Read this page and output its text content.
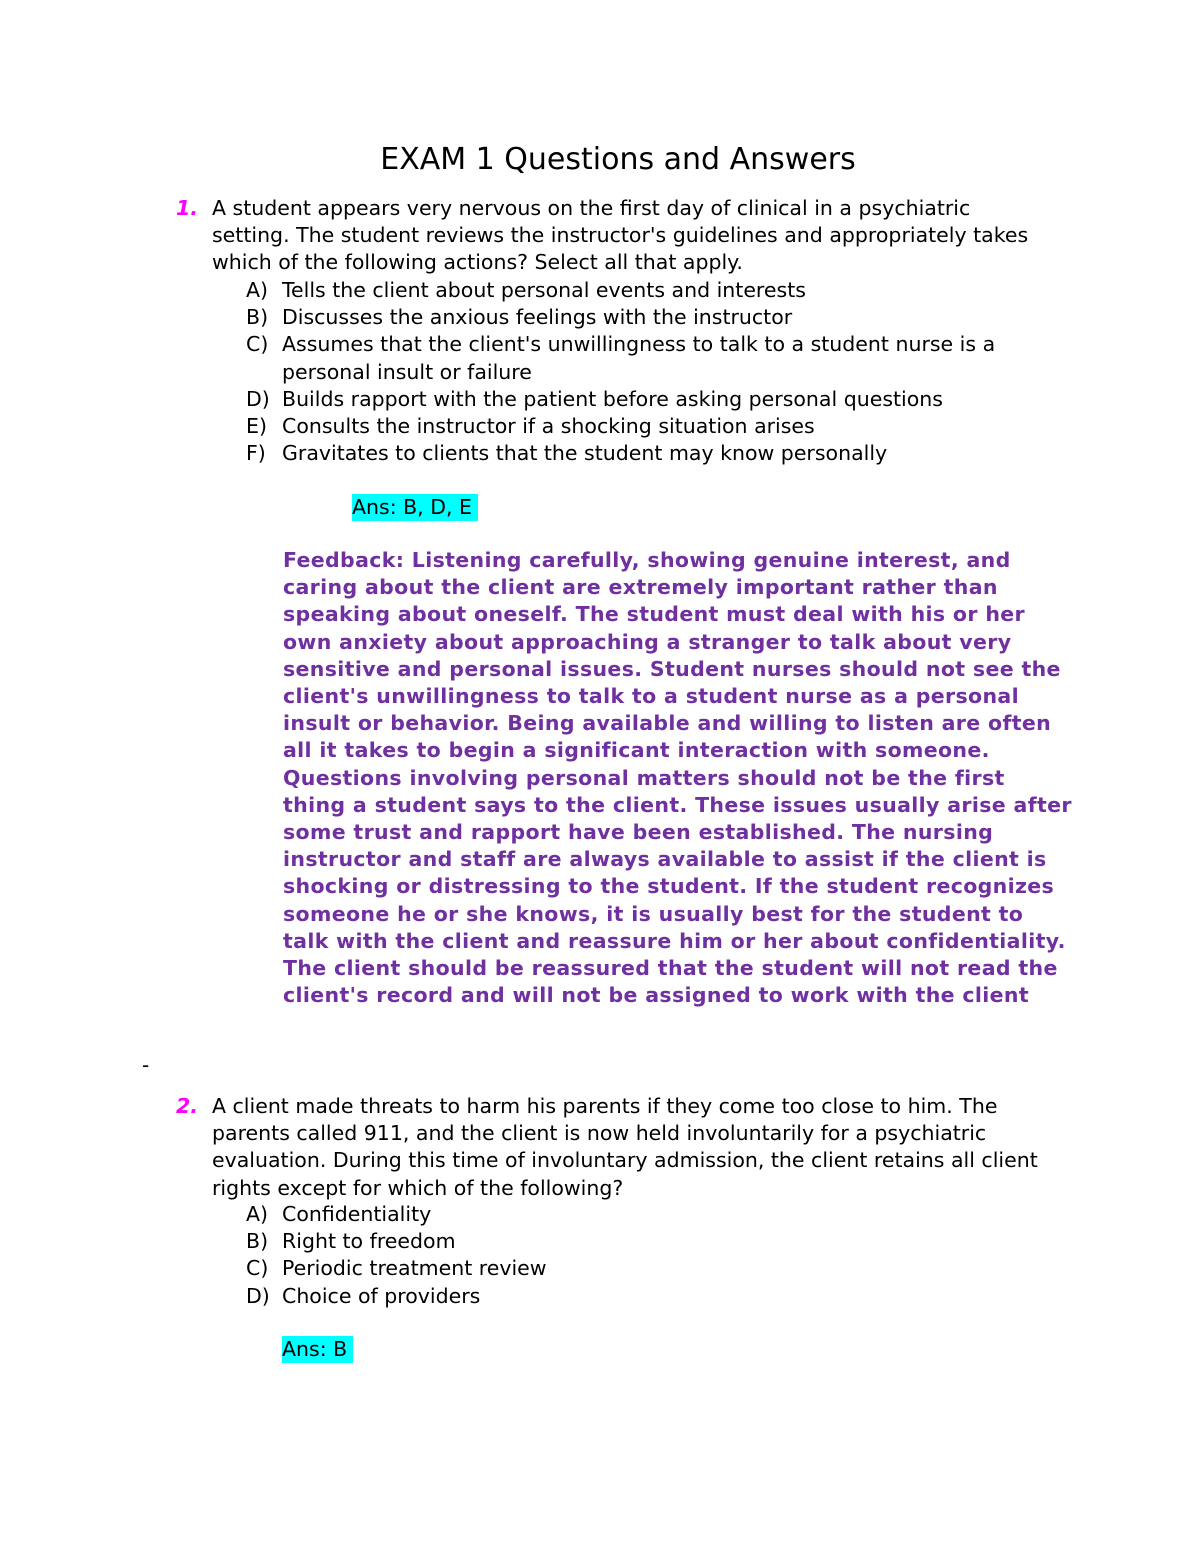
EXAM 1 Questions and Answers
1. A student appears very nervous on the first day of clinical in a psychiatric setting. The student reviews the instructor's guidelines and appropriately takes which of the following actions? Select all that apply.
A) Tells the client about personal events and interests
B) Discusses the anxious feelings with the instructor
C) Assumes that the client's unwillingness to talk to a student nurse is a personal insult or failure
D) Builds rapport with the patient before asking personal questions
E) Consults the instructor if a shocking situation arises
F) Gravitates to clients that the student may know personally
Ans: B, D, E
Feedback: Listening carefully, showing genuine interest, and caring about the client are extremely important rather than speaking about oneself. The student must deal with his or her own anxiety about approaching a stranger to talk about very sensitive and personal issues. Student nurses should not see the client's unwillingness to talk to a student nurse as a personal insult or behavior. Being available and willing to listen are often all it takes to begin a significant interaction with someone. Questions involving personal matters should not be the first thing a student says to the client. These issues usually arise after some trust and rapport have been established. The nursing instructor and staff are always available to assist if the client is shocking or distressing to the student. If the student recognizes someone he or she knows, it is usually best for the student to talk with the client and reassure him or her about confidentiality. The client should be reassured that the student will not read the client's record and will not be assigned to work with the client
-
2. A client made threats to harm his parents if they come too close to him. The parents called 911, and the client is now held involuntarily for a psychiatric evaluation. During this time of involuntary admission, the client retains all client rights except for which of the following?
A) Confidentiality
B) Right to freedom
C) Periodic treatment review
D) Choice of providers
Ans: B
